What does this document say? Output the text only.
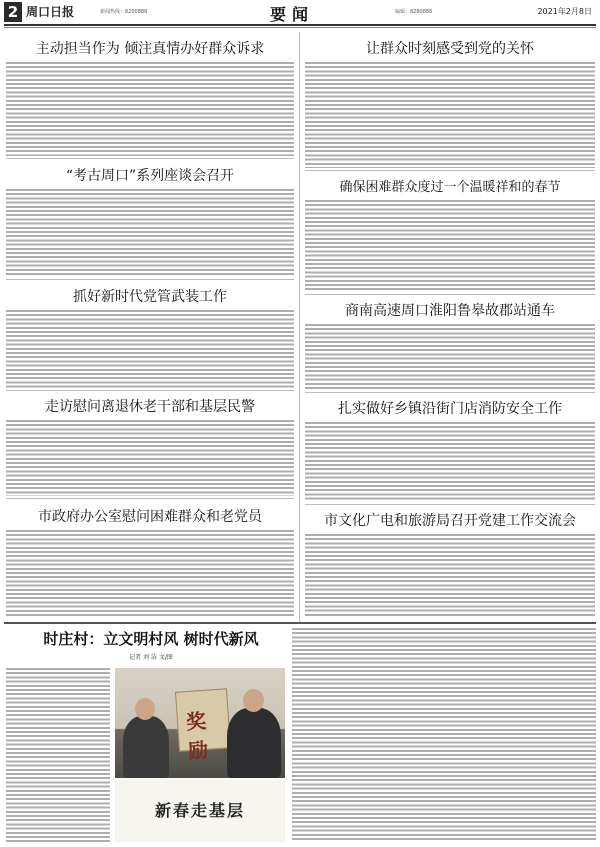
2 周口日报	新闻热线：8200888	要闻	编辑：8280886	2021年2月8日
主动担当作为 倾注真情办好群众诉求
“考古周口”系列座谈会召开
抓好新时代党管武装工作
走访慰问离退休老干部和基层民警
市政府办公室慰问困难群众和老党员
让群众时刻感受到党的关怀
确保困难群众度过一个温暖祥和的春节
商南高速周口淮阳鲁皋故郡站通车
扎实做好乡镇沿街门店消防安全工作
市文化广电和旅游局召开党建工作交流会
时庄村：立文明村风 树时代新风
记者 刘 洁 文/图
奖励
新春走基层
